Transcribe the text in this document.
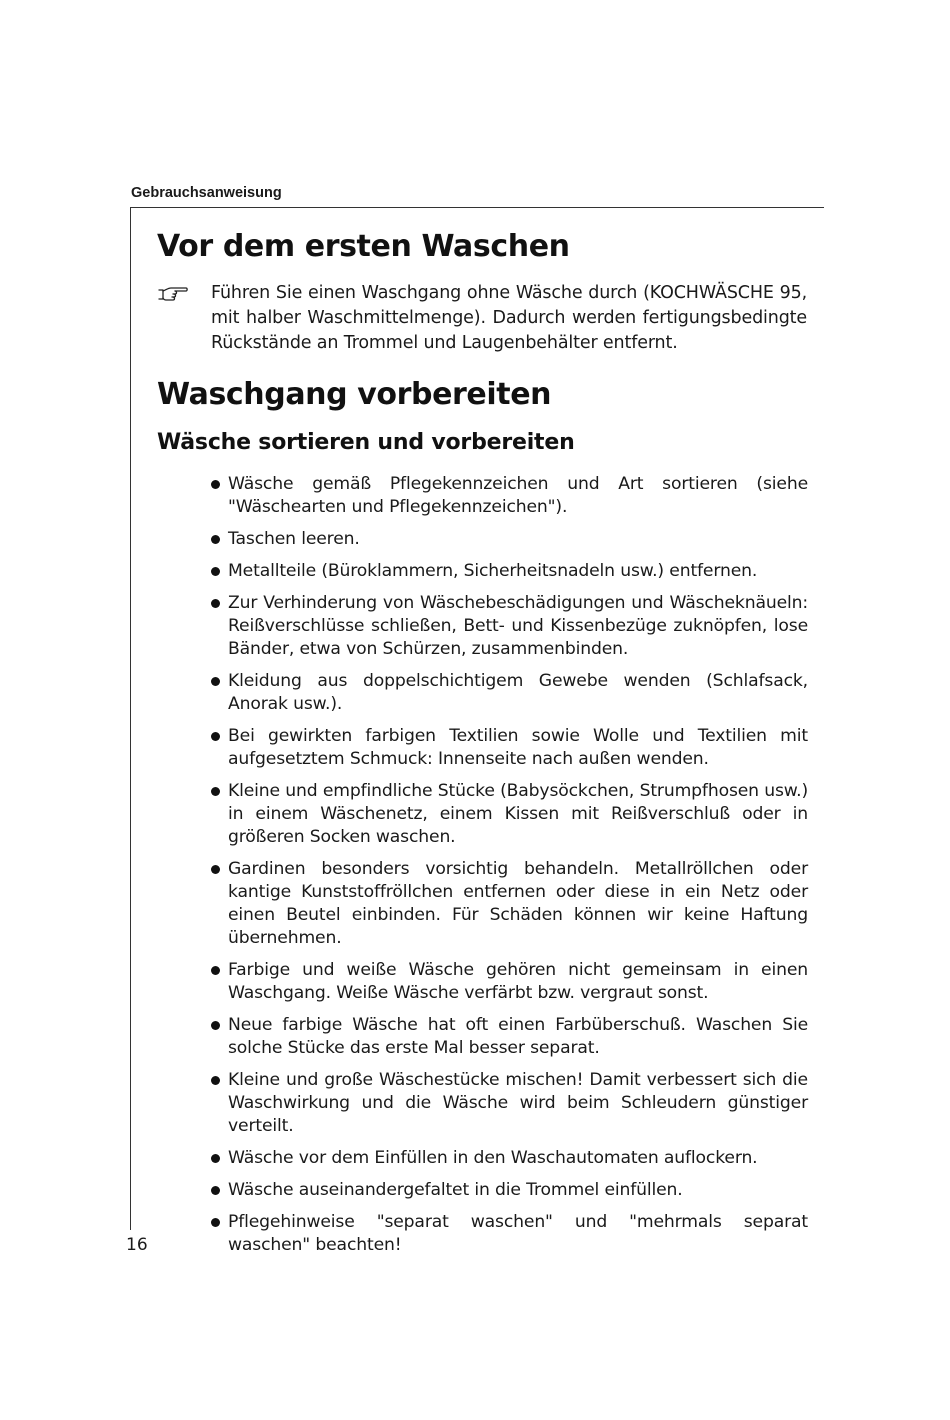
Gebrauchsanweisung
Vor dem ersten Waschen

Führen Sie einen Waschgang ohne Wäsche durch (KOCHWÄSCHE 95, mit halber Waschmittelmenge). Dadurch werden fertigungsbedingte Rückstände an Trommel und Laugenbehälter entfernt.

Waschgang vorbereiten
Wäsche sortieren und vorbereiten
Wäsche gemäß Pflegekennzeichen und Art sortieren (siehe "Wäschearten und Pflegekennzeichen").
Taschen leeren.
Metallteile (Büroklammern, Sicherheitsnadeln usw.) entfernen.
Zur Verhinderung von Wäschebeschädigungen und Wäscheknäueln: Reißverschlüsse schließen, Bett- und Kissenbezüge zuknöpfen, lose Bänder, etwa von Schürzen, zusammenbinden.
Kleidung aus doppelschichtigem Gewebe wenden (Schlafsack, Anorak usw.).
Bei gewirkten farbigen Textilien sowie Wolle und Textilien mit aufgesetztem Schmuck: Innenseite nach außen wenden.
Kleine und empfindliche Stücke (Babysöckchen, Strumpfhosen usw.) in einem Wäschenetz, einem Kissen mit Reißverschluß oder in größeren Socken waschen.
Gardinen besonders vorsichtig behandeln. Metallröllchen oder kantige Kunststoffröllchen entfernen oder diese in ein Netz oder einen Beutel einbinden. Für Schäden können wir keine Haftung übernehmen.
Farbige und weiße Wäsche gehören nicht gemeinsam in einen Waschgang. Weiße Wäsche verfärbt bzw. vergraut sonst.
Neue farbige Wäsche hat oft einen Farbüberschuß. Waschen Sie solche Stücke das erste Mal besser separat.
Kleine und große Wäschestücke mischen! Damit verbessert sich die Waschwirkung und die Wäsche wird beim Schleudern günstiger verteilt.
Wäsche vor dem Einfüllen in den Waschautomaten auflockern.
Wäsche auseinandergefaltet in die Trommel einfüllen.
Pflegehinweise "separat waschen" und "mehrmals separat waschen" beachten!
16
